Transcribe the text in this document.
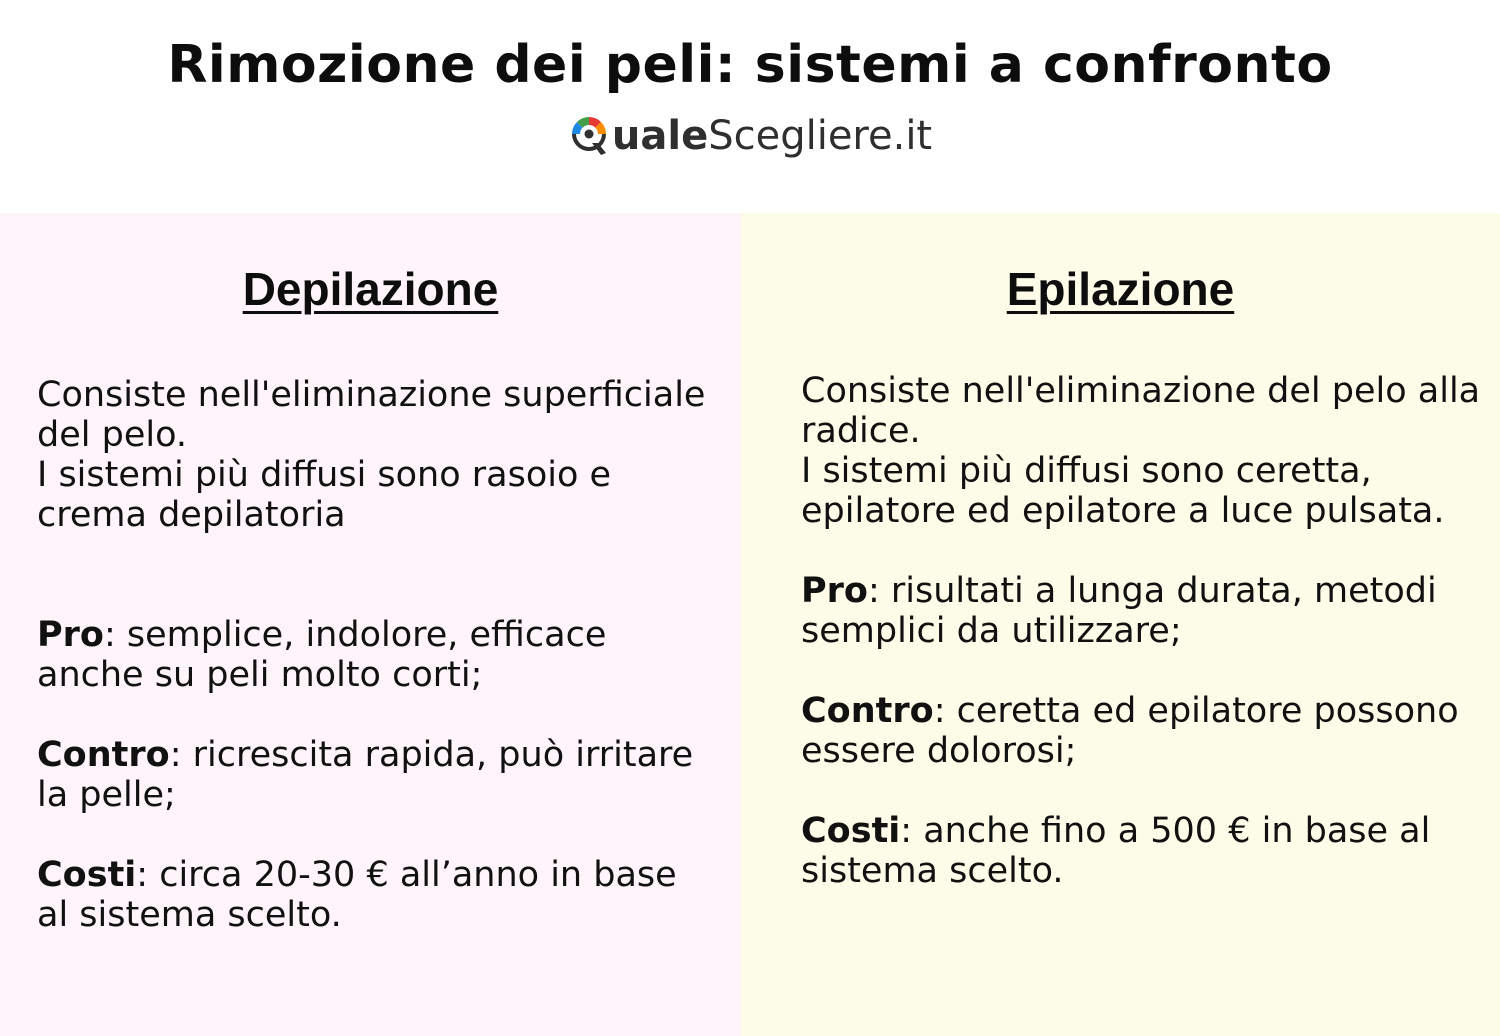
Rimozione dei peli: sistemi a confronto
uale Scegliere.it
Depilazione
Consiste nell'eliminazione superficiale del pelo.
I sistemi più diffusi sono rasoio e crema depilatoria

Pro: semplice, indolore, efficace anche su peli molto corti;

Contro: ricrescita rapida, può irritare la pelle;

Costi: circa 20-30 € all’anno in base al sistema scelto.

Epilazione
Consiste nell'eliminazione del pelo alla radice.
I sistemi più diffusi sono ceretta, epilatore ed epilatore a luce pulsata.

Pro: risultati a lunga durata, metodi semplici da utilizzare;

Contro: ceretta ed epilatore possono essere dolorosi;

Costi: anche fino a 500 € in base al sistema scelto.
